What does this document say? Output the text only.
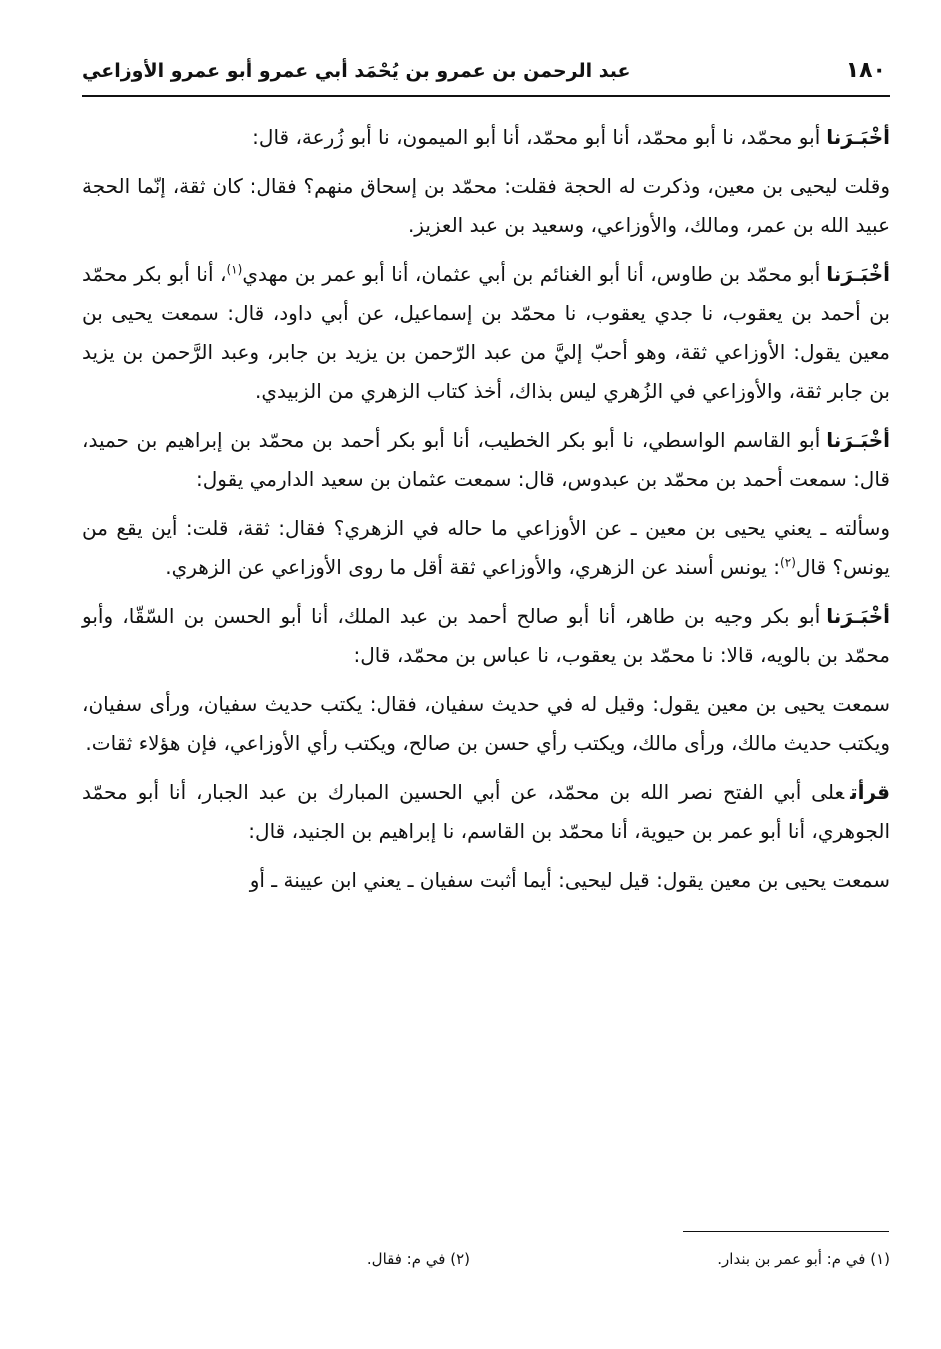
١٨٠
عبد الرحمن بن عمرو بن يُحْمَد أبي عمرو أبو عمرو الأوزاعي

أخْبَـرَناأبو محمّد، نا أبو محمّد، أنا أبو محمّد، أنا أبو الميمون، نا أبو زُرعة، قال:

وقلت ليحيى بن معين، وذكرت له الحجة فقلت: محمّد بن إسحاق منهم؟ فقال: كان ثقة، إنّما الحجة عبيد الله بن عمر، ومالك، والأوزاعي، وسعيد بن عبد العزيز.

أخْبَـرَناأبو محمّد بن طاوس، أنا أبو الغنائم بن أبي عثمان، أنا أبو عمر بن مهدي$^{(١)}$، أنا أبو بكر محمّد بن أحمد بن يعقوب، نا جدي يعقوب، نا محمّد بن إسماعيل، عن أبي داود، قال: سمعت يحيى بن معين يقول: الأوزاعي ثقة، وهو أحبّ إليَّ من عبد الرّحمن بن يزيد بن جابر، وعبد الرَّحمن بن يزيد بن جابر ثقة، والأوزاعي في الزُهري ليس بذاك، أخذ كتاب الزهري من الزبيدي.

أخْبَـرَناأبو القاسم الواسطي، نا أبو بكر الخطيب، أنا أبو بكر أحمد بن محمّد بن إبراهيم بن حميد، قال: سمعت أحمد بن محمّد بن عبدوس، قال: سمعت عثمان بن سعيد الدارمي يقول:

وسألته ـ يعني يحيى بن معين ـ عن الأوزاعي ما حاله في الزهري؟ فقال: ثقة، قلت: أين يقع من يونس؟ قال$^{(٢)}$: يونس أسند عن الزهري، والأوزاعي ثقة أقل ما روى الأوزاعي عن الزهري.

أخْبَـرَناأبو بكر وجيه بن طاهر، أنا أبو صالح أحمد بن عبد الملك، أنا أبو الحسن بن السّقّا، وأبو محمّد بن بالويه، قالا: نا محمّد بن يعقوب، نا عباس بن محمّد، قال:

سمعت يحيى بن معين يقول: وقيل له في حديث سفيان، فقال: يكتب حديث سفيان، ورأى سفيان، ويكتب حديث مالك، ورأى مالك، ويكتب رأي حسن بن صالح، ويكتب رأي الأوزاعي، فإن هؤلاء ثقات.

قرأتعلى أبي الفتح نصر الله بن محمّد، عن أبي الحسين المبارك بن عبد الجبار، أنا أبو محمّد الجوهري، أنا أبو عمر بن حيوية، أنا محمّد بن القاسم، نا إبراهيم بن الجنيد، قال:

سمعت يحيى بن معين يقول: قيل ليحيى: أيما أثبت سفيان ـ يعني ابن عيينة ـ أو

(١) في م: أبو عمر بن بندار.
(٢) في م: فقال.
